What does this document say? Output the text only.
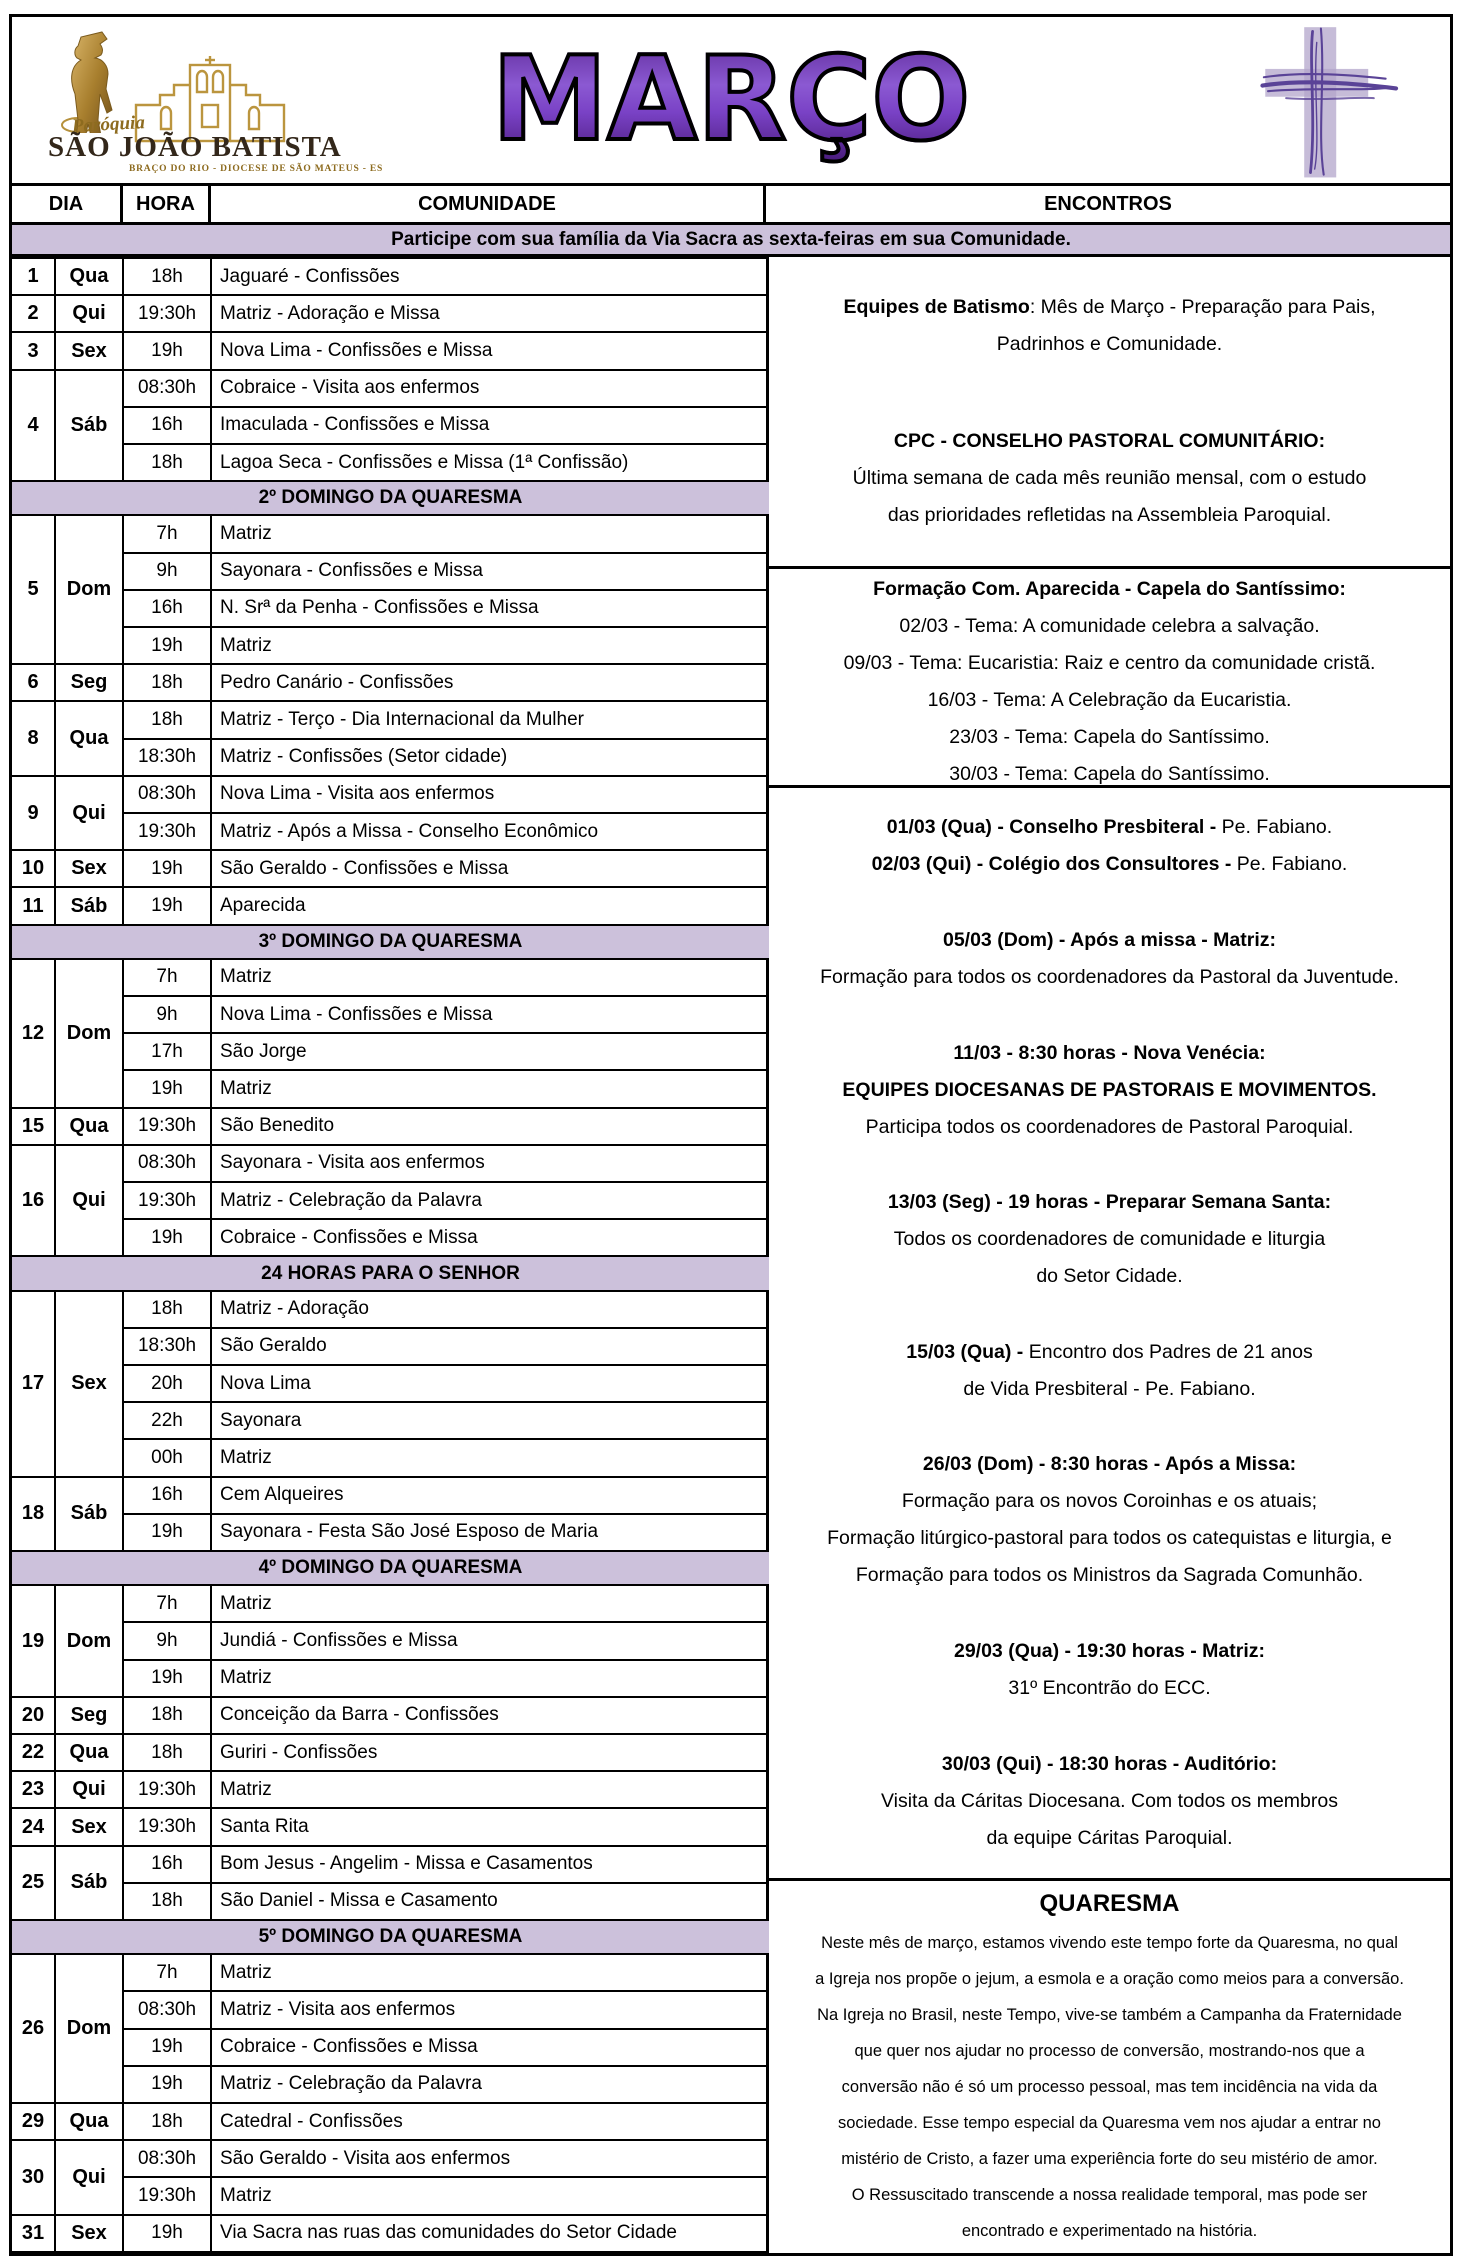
MARÇO
DIA	HORA	COMUNIDADE	ENCONTROS
Participe com sua família da Via Sacra as sexta-feiras em sua Comunidade.
1	Qua	18h	Jaguaré - Confissões
2	Qui	19:30h	Matriz - Adoração e Missa
3	Sex	19h	Nova Lima - Confissões e Missa
4	Sáb	08:30h	Cobraice - Visita aos enfermos
		16h	Imaculada - Confissões e Missa
		18h	Lagoa Seca - Confissões e Missa (1ª Confissão)
2º DOMINGO DA QUARESMA			
5	Dom	7h	Matriz
		9h	Sayonara - Confissões e Missa
		16h	N. Srª da Penha - Confissões e Missa
		19h	Matriz
6	Seg	18h	Pedro Canário - Confissões
8	Qua	18h	Matriz - Terço - Dia Internacional da Mulher
		18:30h	Matriz - Confissões (Setor cidade)
9	Qui	08:30h	Nova Lima - Visita aos enfermos
		19:30h	Matriz - Após a Missa - Conselho Econômico
10	Sex	19h	São Geraldo - Confissões e Missa
11	Sáb	19h	Aparecida
3º DOMINGO DA QUARESMA			
12	Dom	7h	Matriz
		9h	Nova Lima - Confissões e Missa
		17h	São Jorge
		19h	Matriz
15	Qua	19:30h	São Benedito
16	Qui	08:30h	Sayonara - Visita aos enfermos
		19:30h	Matriz - Celebração da Palavra
		19h	Cobraice - Confissões e Missa
24 HORAS PARA O SENHOR			
17	Sex	18h	Matriz - Adoração
		18:30h	São Geraldo
		20h	Nova Lima
		22h	Sayonara
		00h	Matriz
18	Sáb	16h	Cem Alqueires
		19h	Sayonara - Festa São José Esposo de Maria
4º DOMINGO DA QUARESMA			
19	Dom	7h	Matriz
		9h	Jundiá - Confissões e Missa
		19h	Matriz
20	Seg	18h	Conceição da Barra - Confissões
22	Qua	18h	Guriri - Confissões
23	Qui	19:30h	Matriz
24	Sex	19:30h	Santa Rita
25	Sáb	16h	Bom Jesus - Angelim - Missa e Casamentos
		18h	São Daniel - Missa e Casamento
5º DOMINGO DA QUARESMA			
26	Dom	7h	Matriz
		08:30h	Matriz - Visita aos enfermos
		19h	Cobraice - Confissões e Missa
		19h	Matriz - Celebração da Palavra
29	Qua	18h	Catedral - Confissões
30	Qui	08:30h	São Geraldo - Visita aos enfermos
		19:30h	Matriz
31	Sex	19h	Via Sacra nas ruas das comunidades do Setor Cidade
Equipes de Batismo: Mês de Março - Preparação para Pais,
Padrinhos e Comunidade.
CPC - CONSELHO PASTORAL COMUNITÁRIO:
Última semana de cada mês reunião mensal, com o estudo
das prioridades refletidas na Assembleia Paroquial.
Formação Com. Aparecida - Capela do Santíssimo:
02/03 - Tema: A comunidade celebra a salvação.
09/03 - Tema: Eucaristia: Raiz e centro da comunidade cristã.
16/03 - Tema: A Celebração da Eucaristia.
23/03 - Tema: Capela do Santíssimo.
30/03 - Tema: Capela do Santíssimo.
01/03 (Qua) - Conselho Presbiteral - Pe. Fabiano.
02/03 (Qui) - Colégio dos Consultores - Pe. Fabiano.
05/03 (Dom) - Após a missa - Matriz:
Formação para todos os coordenadores da Pastoral da Juventude.
11/03 - 8:30 horas - Nova Venécia:
EQUIPES DIOCESANAS DE PASTORAIS E MOVIMENTOS.
Participa todos os coordenadores de Pastoral Paroquial.
13/03 (Seg) - 19 horas - Preparar Semana Santa:
Todos os coordenadores de comunidade e liturgia
do Setor Cidade.
15/03 (Qua) - Encontro dos Padres de 21 anos
de Vida Presbiteral - Pe. Fabiano.
26/03 (Dom) - 8:30 horas - Após a Missa:
Formação para os novos Coroinhas e os atuais;
Formação litúrgico-pastoral para todos os catequistas e liturgia, e
Formação para todos os Ministros da Sagrada Comunhão.
29/03 (Qua) - 19:30 horas - Matriz:
31º Encontrão do ECC.
30/03 (Qui) - 18:30 horas - Auditório:
Visita da Cáritas Diocesana. Com todos os membros
da equipe Cáritas Paroquial.
QUARESMA
Neste mês de março, estamos vivendo este tempo forte da Quaresma, no qual
a Igreja nos propõe o jejum, a esmola e a oração como meios para a conversão.
Na Igreja no Brasil, neste Tempo, vive-se também a Campanha da Fraternidade
que quer nos ajudar no processo de conversão, mostrando-nos que a
conversão não é só um processo pessoal, mas tem incidência na vida da
sociedade. Esse tempo especial da Quaresma vem nos ajudar a entrar no
mistério de Cristo, a fazer uma experiência forte do seu mistério de amor.
O Ressuscitado transcende a nossa realidade temporal, mas pode ser
encontrado e experimentado na história.
